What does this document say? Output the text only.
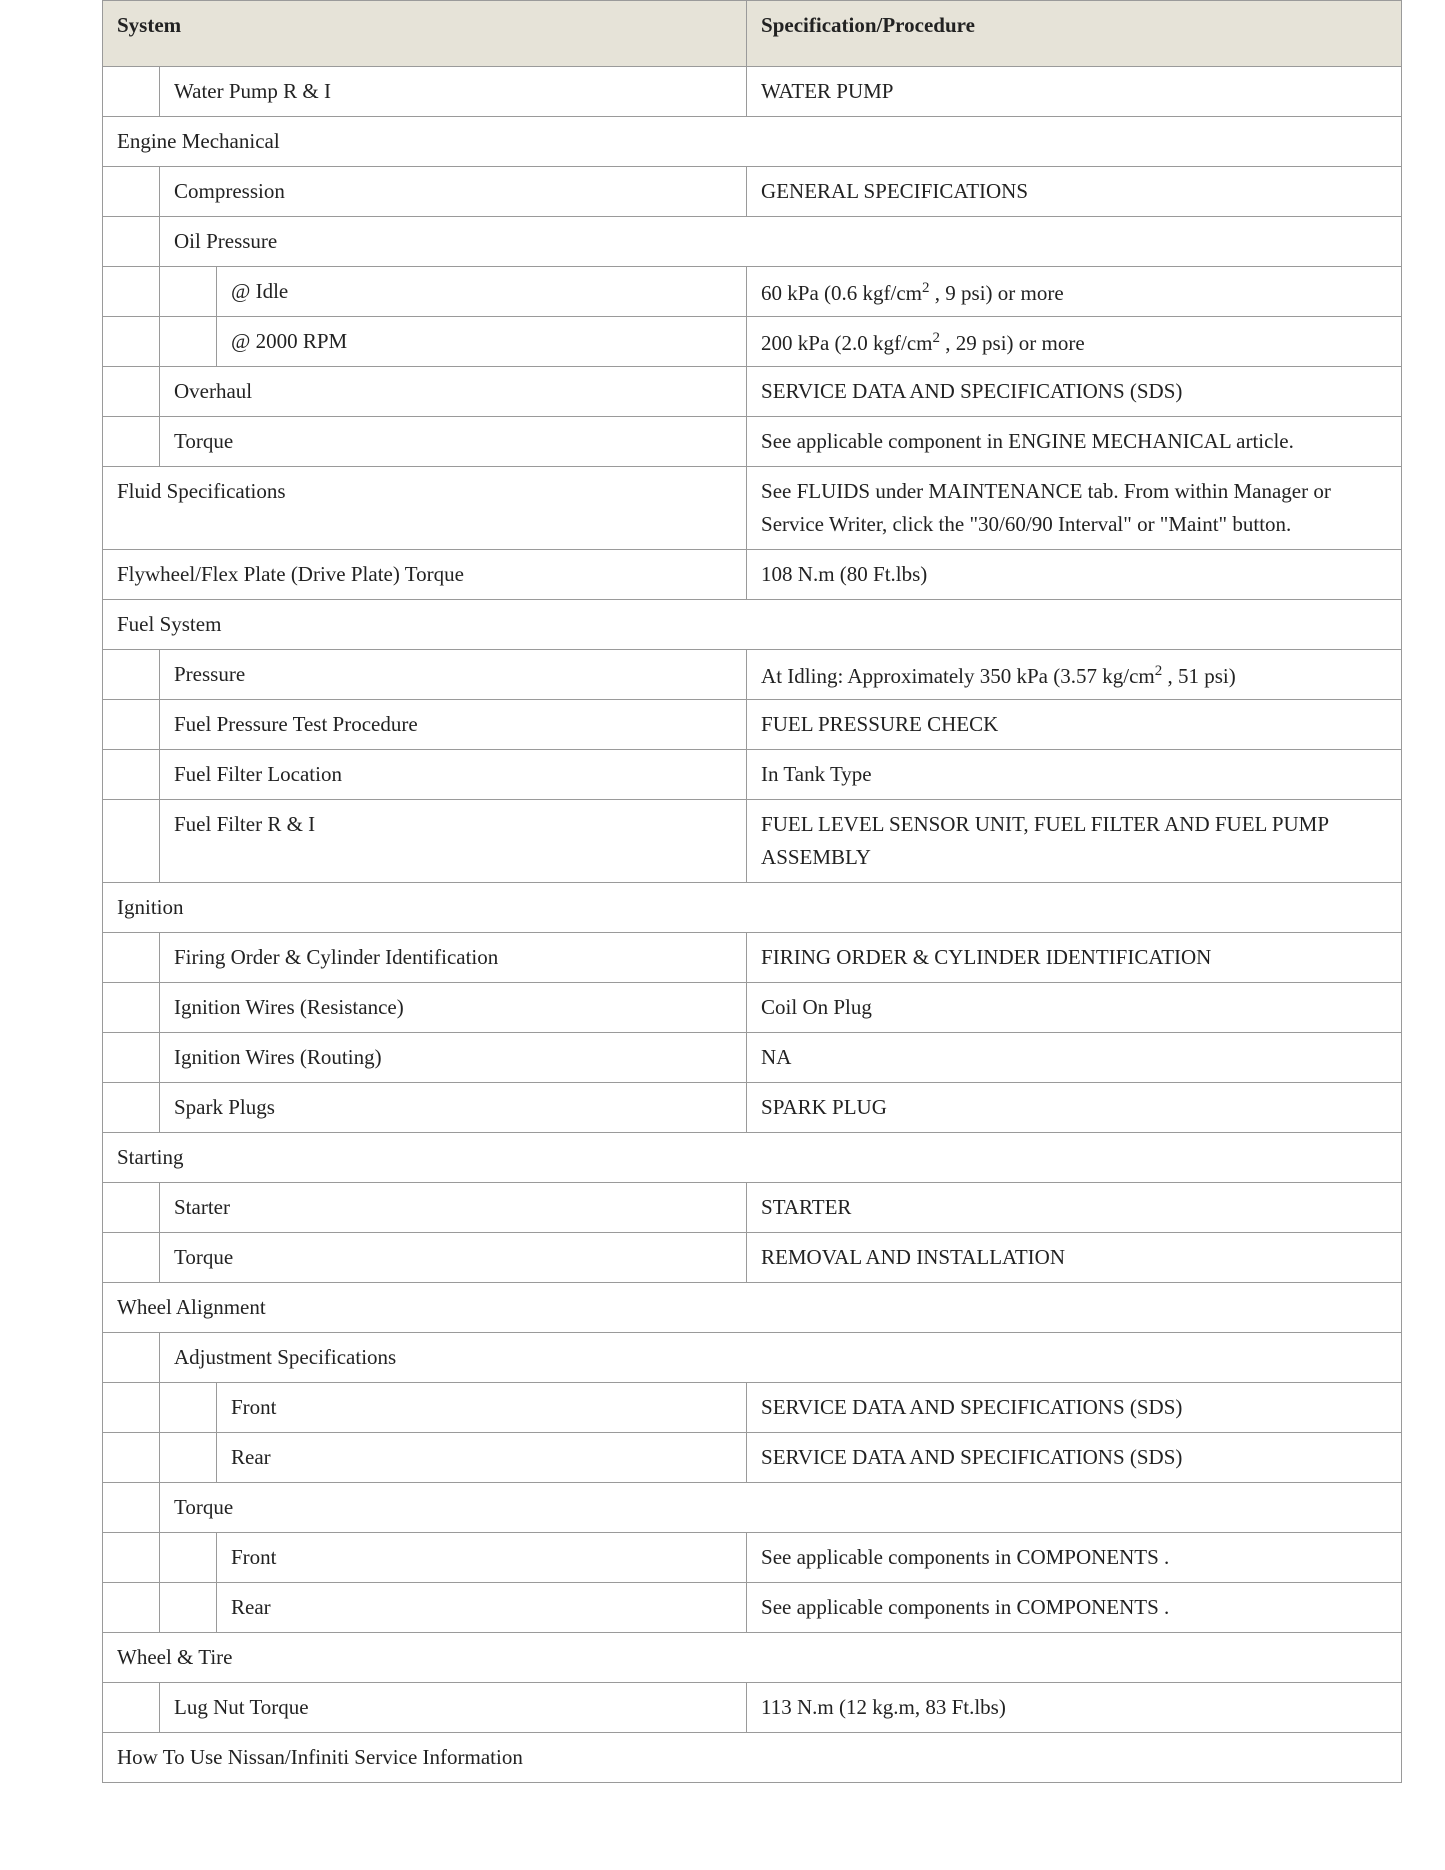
System			Specification/Procedure
	Water Pump R & I		WATER PUMP
Engine Mechanical			
	Compression		GENERAL SPECIFICATIONS
	Oil Pressure		
		@ Idle	60 kPa (0.6 kgf/$cm^2$ , 9 psi) or more
		@ 2000 RPM	200 kPa (2.0 kgf/$cm^2$ , 29 psi) or more
	Overhaul		SERVICE DATA AND SPECIFICATIONS (SDS)
	Torque		See applicable component in ENGINE MECHANICAL article.
Fluid Specifications			See FLUIDS under MAINTENANCE tab. From within Manager or Service Writer, click the "30/60/90 Interval" or "Maint" button.
Flywheel/Flex Plate (Drive Plate) Torque			108 N.m (80 Ft.lbs)
Fuel System			
	Pressure		At Idling: Approximately 350 kPa (3.57 $kg/cm^2$ , 51 psi)
	Fuel Pressure Test Procedure		FUEL PRESSURE CHECK
	Fuel Filter Location		In Tank Type
	Fuel Filter R & I		FUEL LEVEL SENSOR UNIT, FUEL FILTER AND FUEL PUMP ASSEMBLY
Ignition			
	Firing Order & Cylinder Identification		FIRING ORDER & CYLINDER IDENTIFICATION
	Ignition Wires (Resistance)		Coil On Plug
	Ignition Wires (Routing)		NA
	Spark Plugs		SPARK PLUG
Starting			
	Starter		STARTER
	Torque		REMOVAL AND INSTALLATION
Wheel Alignment			
	Adjustment Specifications		
		Front	SERVICE DATA AND SPECIFICATIONS (SDS)
		Rear	SERVICE DATA AND SPECIFICATIONS (SDS)
	Torque		
		Front	See applicable components in COMPONENTS .
		Rear	See applicable components in COMPONENTS .
Wheel & Tire			
	Lug Nut Torque		113 N.m (12 kg.m, 83 Ft.lbs)
How To Use Nissan/Infiniti Service Information			
